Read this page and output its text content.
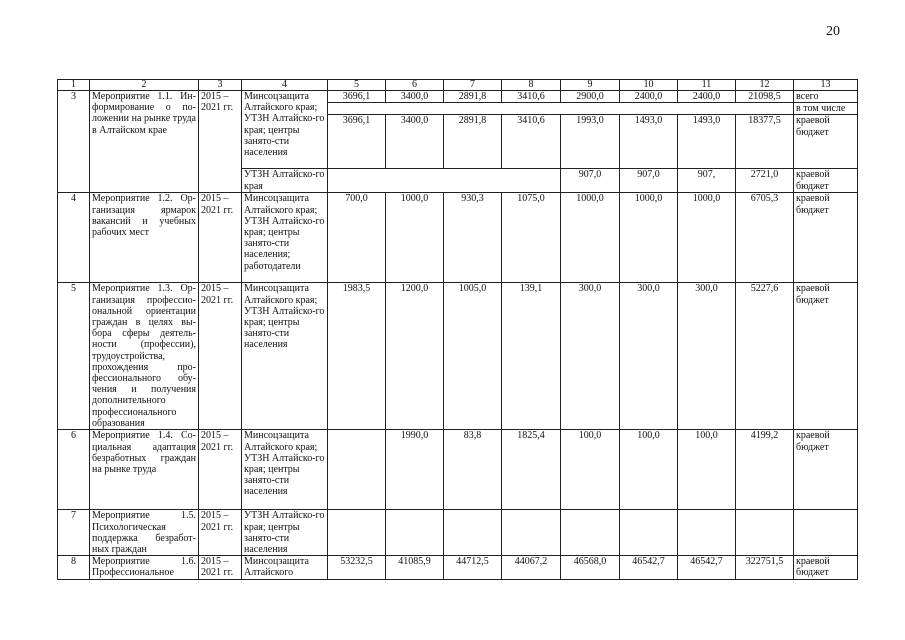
20
1	2	3	4	5	6	7	8	9	10	11	12	13
3	Мероприятие 1.1. Ин-формирование о по-ложении на рынке труда в Алтайском крае	2015 – 2021 гг.	Минсоцзащита Алтайского края; УТЗН Алтайско-го края; центры занято-сти населения	3696,1	3400,0	2891,8	3410,6	2900,0	2400,0	2400,0	21098,5	всего
												в том числе
				3696,1	3400,0	2891,8	3410,6	1993,0	1493,0	1493,0	18377,5	краевой бюджет
			УТЗН Алтайско-го края					907,0	907,0	907,	2721,0	краевой бюджет
4	Мероприятие 1.2. Ор-ганизация ярмарок вакансий и учебных рабочих мест	2015 – 2021 гг.	Минсоцзащита Алтайского края; УТЗН Алтайско-го края; центры занято-сти населения; работодатели	700,0	1000,0	930,3	1075,0	1000,0	1000,0	1000,0	6705,3	краевой бюджет
5	Мероприятие 1.3. Ор-ганизация профессио-ональной ориентации граждан в целях вы-бора сферы деятель-ности (профессии), трудоустройства, прохождения про-фессионального обу-чения и получения дополнительного профессионального образования	2015 – 2021 гг.	Минсоцзащита Алтайского края; УТЗН Алтайско-го края; центры занято-сти населения	1983,5	1200,0	1005,0	139,1	300,0	300,0	300,0	5227,6	краевой бюджет
6	Мероприятие 1.4. Со-циальная адаптация безработных граждан на рынке труда	2015 – 2021 гг.	Минсоцзащита Алтайского края; УТЗН Алтайско-го края; центры занято-сти населения		1990,0	83,8	1825,4	100,0	100,0	100,0	4199,2	краевой бюджет
7	Мероприятие 1.5. Психологическая поддержка безработ-ных граждан	2015 – 2021 гг.	УТЗН Алтайско-го края; центры занято-сти населения									
8	Мероприятие 1.6. Профессиональное	2015 – 2021 гг.	Минсоцзащита Алтайского	53232,5	41085,9	44712,5	44067,2	46568,0	46542,7	46542,7	322751,5	краевой бюджет
